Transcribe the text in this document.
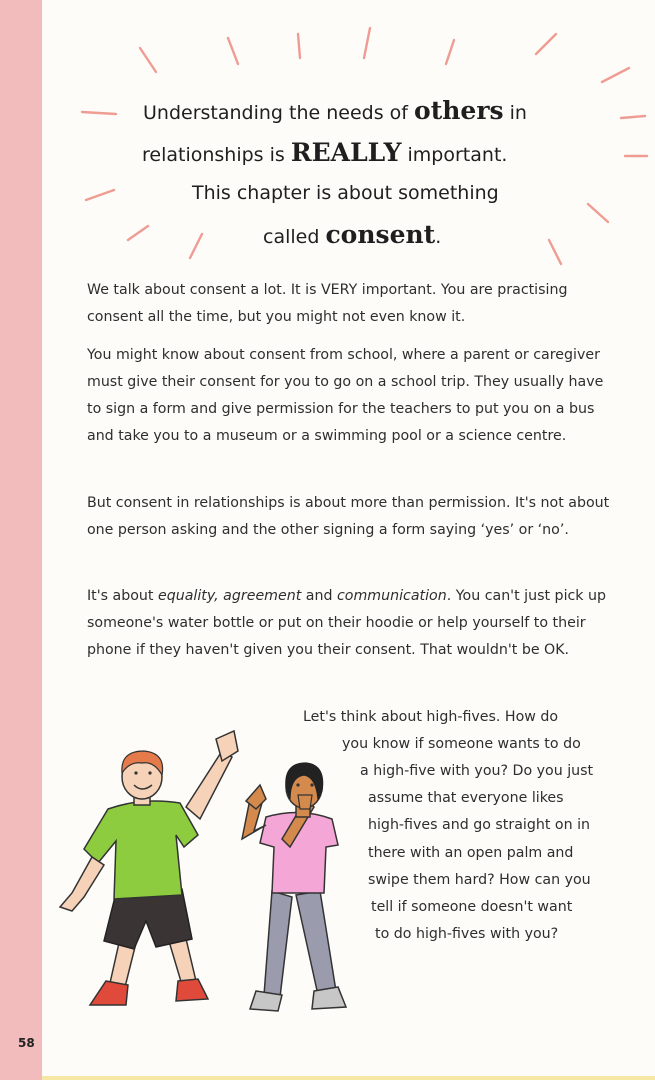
58
Understanding the needs of others in
relationships is REALLY important.
This chapter is about something
called consent.

We talk about consent a lot. It is VERY important. You are practising consent all the time, but you might not even know it.

You might know about consent from school, where a parent or caregiver must give their consent for you to go on a school trip. They usually have to sign a form and give permission for the teachers to put you on a bus and take you to a museum or a swimming pool or a science centre.

But consent in relationships is about more than permission. It's not about one person asking and the other signing a form saying ‘yes’ or ‘no’.

It's about equality, agreement and communication. You can't just pick up someone's water bottle or put on their hoodie or help yourself to their phone if they haven't given you their consent. That wouldn't be OK.

Let's think about high-fives. How do
you know if someone wants to do
a high-five with you? Do you just
assume that everyone likes
high-fives and go straight on in
there with an open palm and
swipe them hard? How can you
tell if someone doesn't want
to do high-fives with you?
